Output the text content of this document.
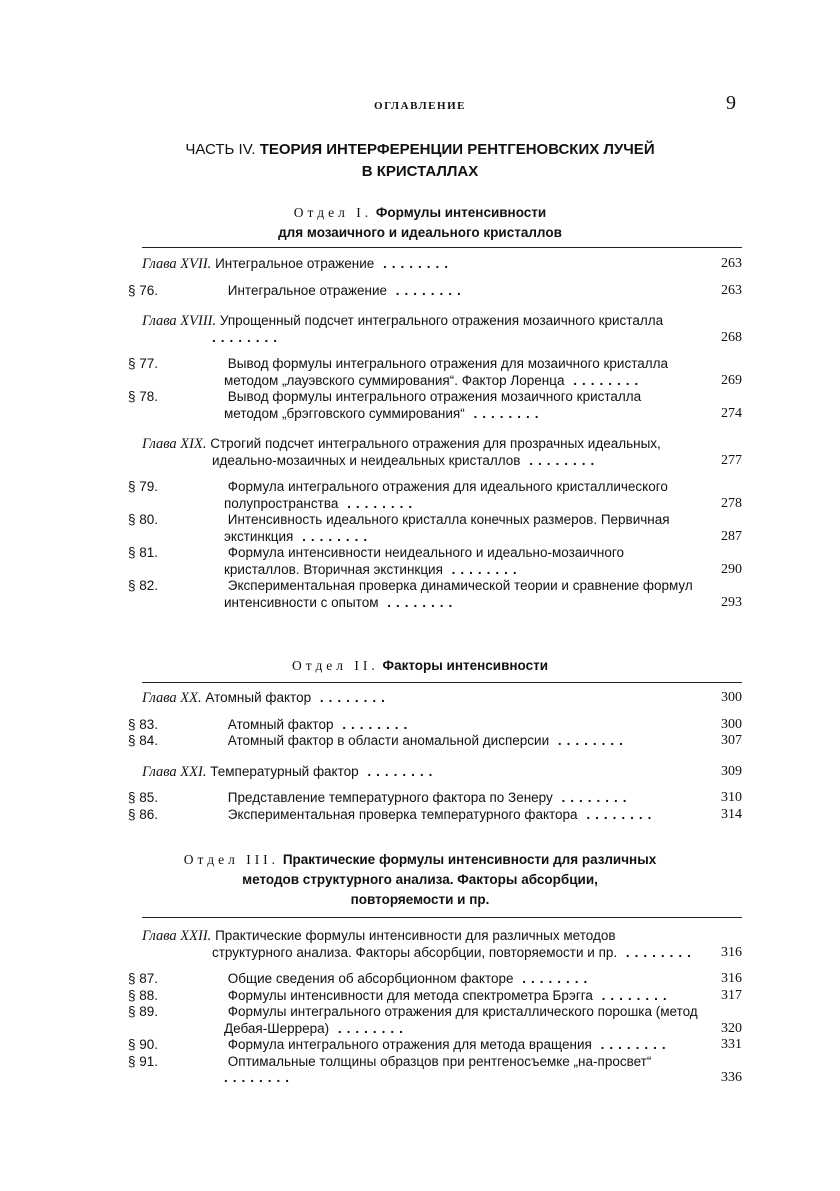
ОГЛАВЛЕНИЕ	9
ЧАСТЬ IV. ТЕОРИЯ ИНТЕРФЕРЕНЦИИ РЕНТГЕНОВСКИХ ЛУЧЕЙ
В КРИСТАЛЛАХ
Отдел I. Формулы интенсивности
для мозаичного и идеального кристаллов
Глава XVII. Интегральное отражение ........	263
§ 76.	Интегральное отражение ........	263
Глава XVIII. Упрощенный подсчет интегрального отражения мозаичного кристалла ........	268
§ 77.	Вывод формулы интегрального отражения для мозаичного кристалла методом „лауэвского суммирования“. Фактор Лоренца ........	269
§ 78.	Вывод формулы интегрального отражения мозаичного кристалла методом „брэгговского суммирования“ ........	274
Глава XIX. Строгий подсчет интегрального отражения для прозрачных идеальных, идеально-мозаичных и неидеальных кристаллов ........	277
§ 79.	Формула интегрального отражения для идеального кристаллического полупространства ........	278
§ 80.	Интенсивность идеального кристалла конечных размеров. Первичная экстинкция ........	287
§ 81.	Формула интенсивности неидеального и идеально-мозаичного кристаллов. Вторичная экстинкция ........	290
§ 82.	Экспериментальная проверка динамической теории и сравнение формул интенсивности с опытом ........	293
Отдел II. Факторы интенсивности
Глава XX. Атомный фактор ........	300
§ 83.	Атомный фактор ........	300
§ 84.	Атомный фактор в области аномальной дисперсии ........	307
Глава XXI. Температурный фактор ........	309
§ 85.	Представление температурного фактора по Зенеру ........	310
§ 86.	Экспериментальная проверка температурного фактора ........	314
Отдел III. Практические формулы интенсивности для различных
методов структурного анализа. Факторы абсорбции,
повторяемости и пр.
Глава XXII. Практические формулы интенсивности для различных методов структурного анализа. Факторы абсорбции, повторяемости и пр. ........	316
§ 87.	Общие сведения об абсорбционном факторе ........	316
§ 88.	Формулы интенсивности для метода спектрометра Брэгга ........	317
§ 89.	Формулы интегрального отражения для кристаллического порошка (метод Дебая-Шеррера) ........	320
§ 90.	Формула интегрального отражения для метода вращения ........	331
§ 91.	Оптимальные толщины образцов при рентгеносъемке „на-просвет“ ........	336
